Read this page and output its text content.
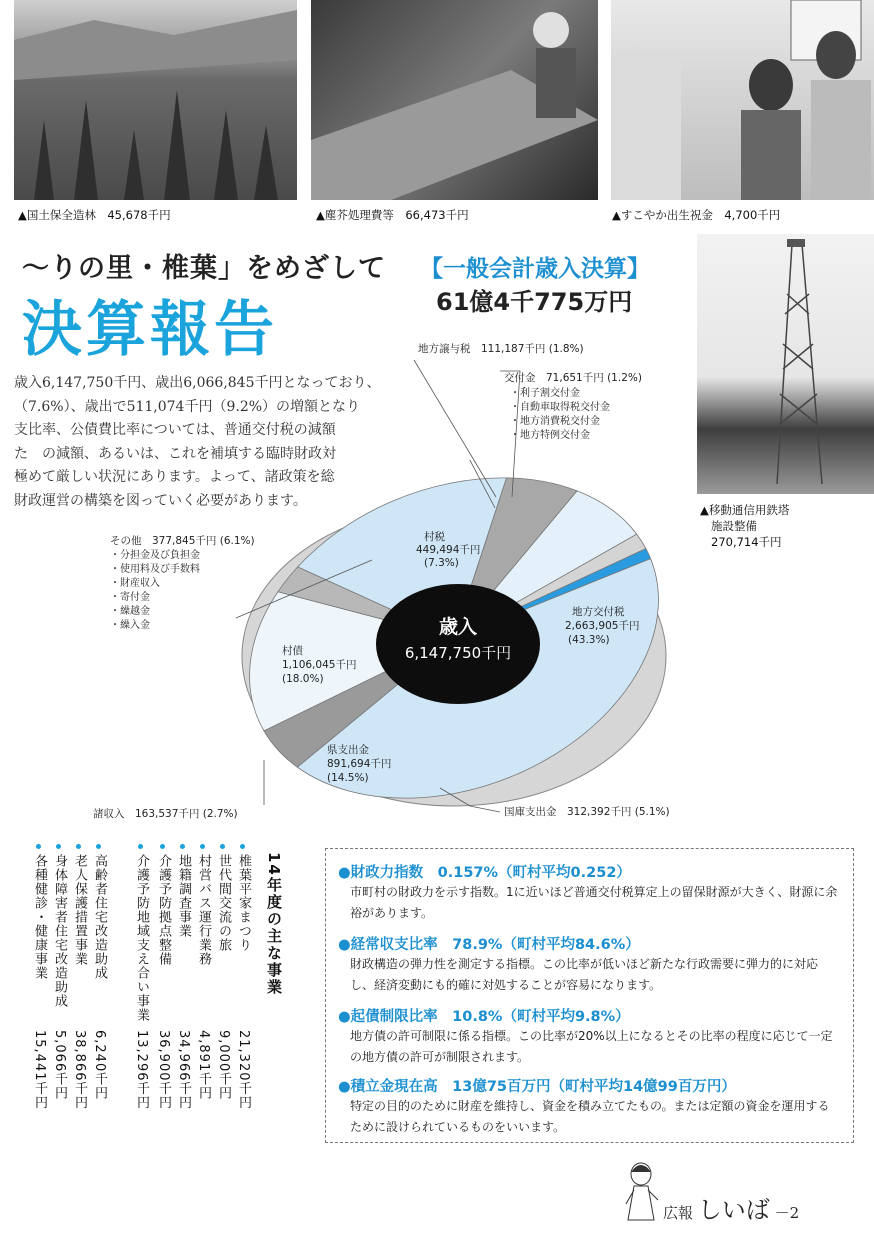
▲国土保全造林　45,678千円	▲塵芥処理費等　66,473千円	▲すこやか出生祝金　4,700千円
▲移動通信用鉄塔
施設整備
270,714千円
〜りの里・椎葉」をめざして
決算報告
【一般会計歳入決算】
61億4千775万円
歳入6,147,750千円、歳出6,066,845千円となっており、
（7.6%）、歳出で511,074千円（9.2%）の増額となり
支比率、公債費比率については、普通交付税の減額
た　の減額、あるいは、これを補填する臨時財政対
極めて厳しい状況にあります。よって、諸政策を総
財政運営の構築を図っていく必要があります。
歳入
6,147,750千円
地方譲与税　111,187千円 (1.8%)
交付金　71,651千円 (1.2%)
・利子割交付金
・自動車取得税交付金
・地方消費税交付金
・地方特例交付金
その他　377,845千円 (6.1%)
・分担金及び負担金
・使用料及び手数料
・財産収入
・寄付金
・繰越金
・繰入金
村税
449,494千円
(7.3%)
地方交付税
2,663,905千円
(43.3%)
村債
1,106,045千円
(18.0%)
県支出金
891,694千円
(14.5%)
国庫支出金　312,392千円 (5.1%)
諸収入　163,537千円 (2.7%)
14年度の主な事業
椎葉平家まつり
21,320千円
世代間交流の旅
9,000千円
村営バス運行業務
4,891千円
地籍調査事業
34,966千円
介護予防拠点整備
36,900千円
介護予防地域支え合い事業
13,296千円
高齢者住宅改造助成
6,240千円
老人保護措置事業
38,866千円
身体障害者住宅改造助成
5,066千円
各種健診・健康事業
15,441千円
●財政力指数　0.157%（町村平均0.252）
市町村の財政力を示す指数。1に近いほど普通交付税算定上の留保財源が大きく、財源に余裕があります。
●経常収支比率　78.9%（町村平均84.6%）
財政構造の弾力性を測定する指標。この比率が低いほど新たな行政需要に弾力的に対応し、経済変動にも的確に対処することが容易になります。
●起債制限比率　10.8%（町村平均9.8%）
地方債の許可制限に係る指標。この比率が20%以上になるとその比率の程度に応じて一定の地方債の許可が制限されます。
●積立金現在高　13億75百万円（町村平均14億99百万円）
特定の目的のために財産を維持し、資金を積み立てたもの。または定額の資金を運用するために設けられているものをいいます。
広報 しいば －2
